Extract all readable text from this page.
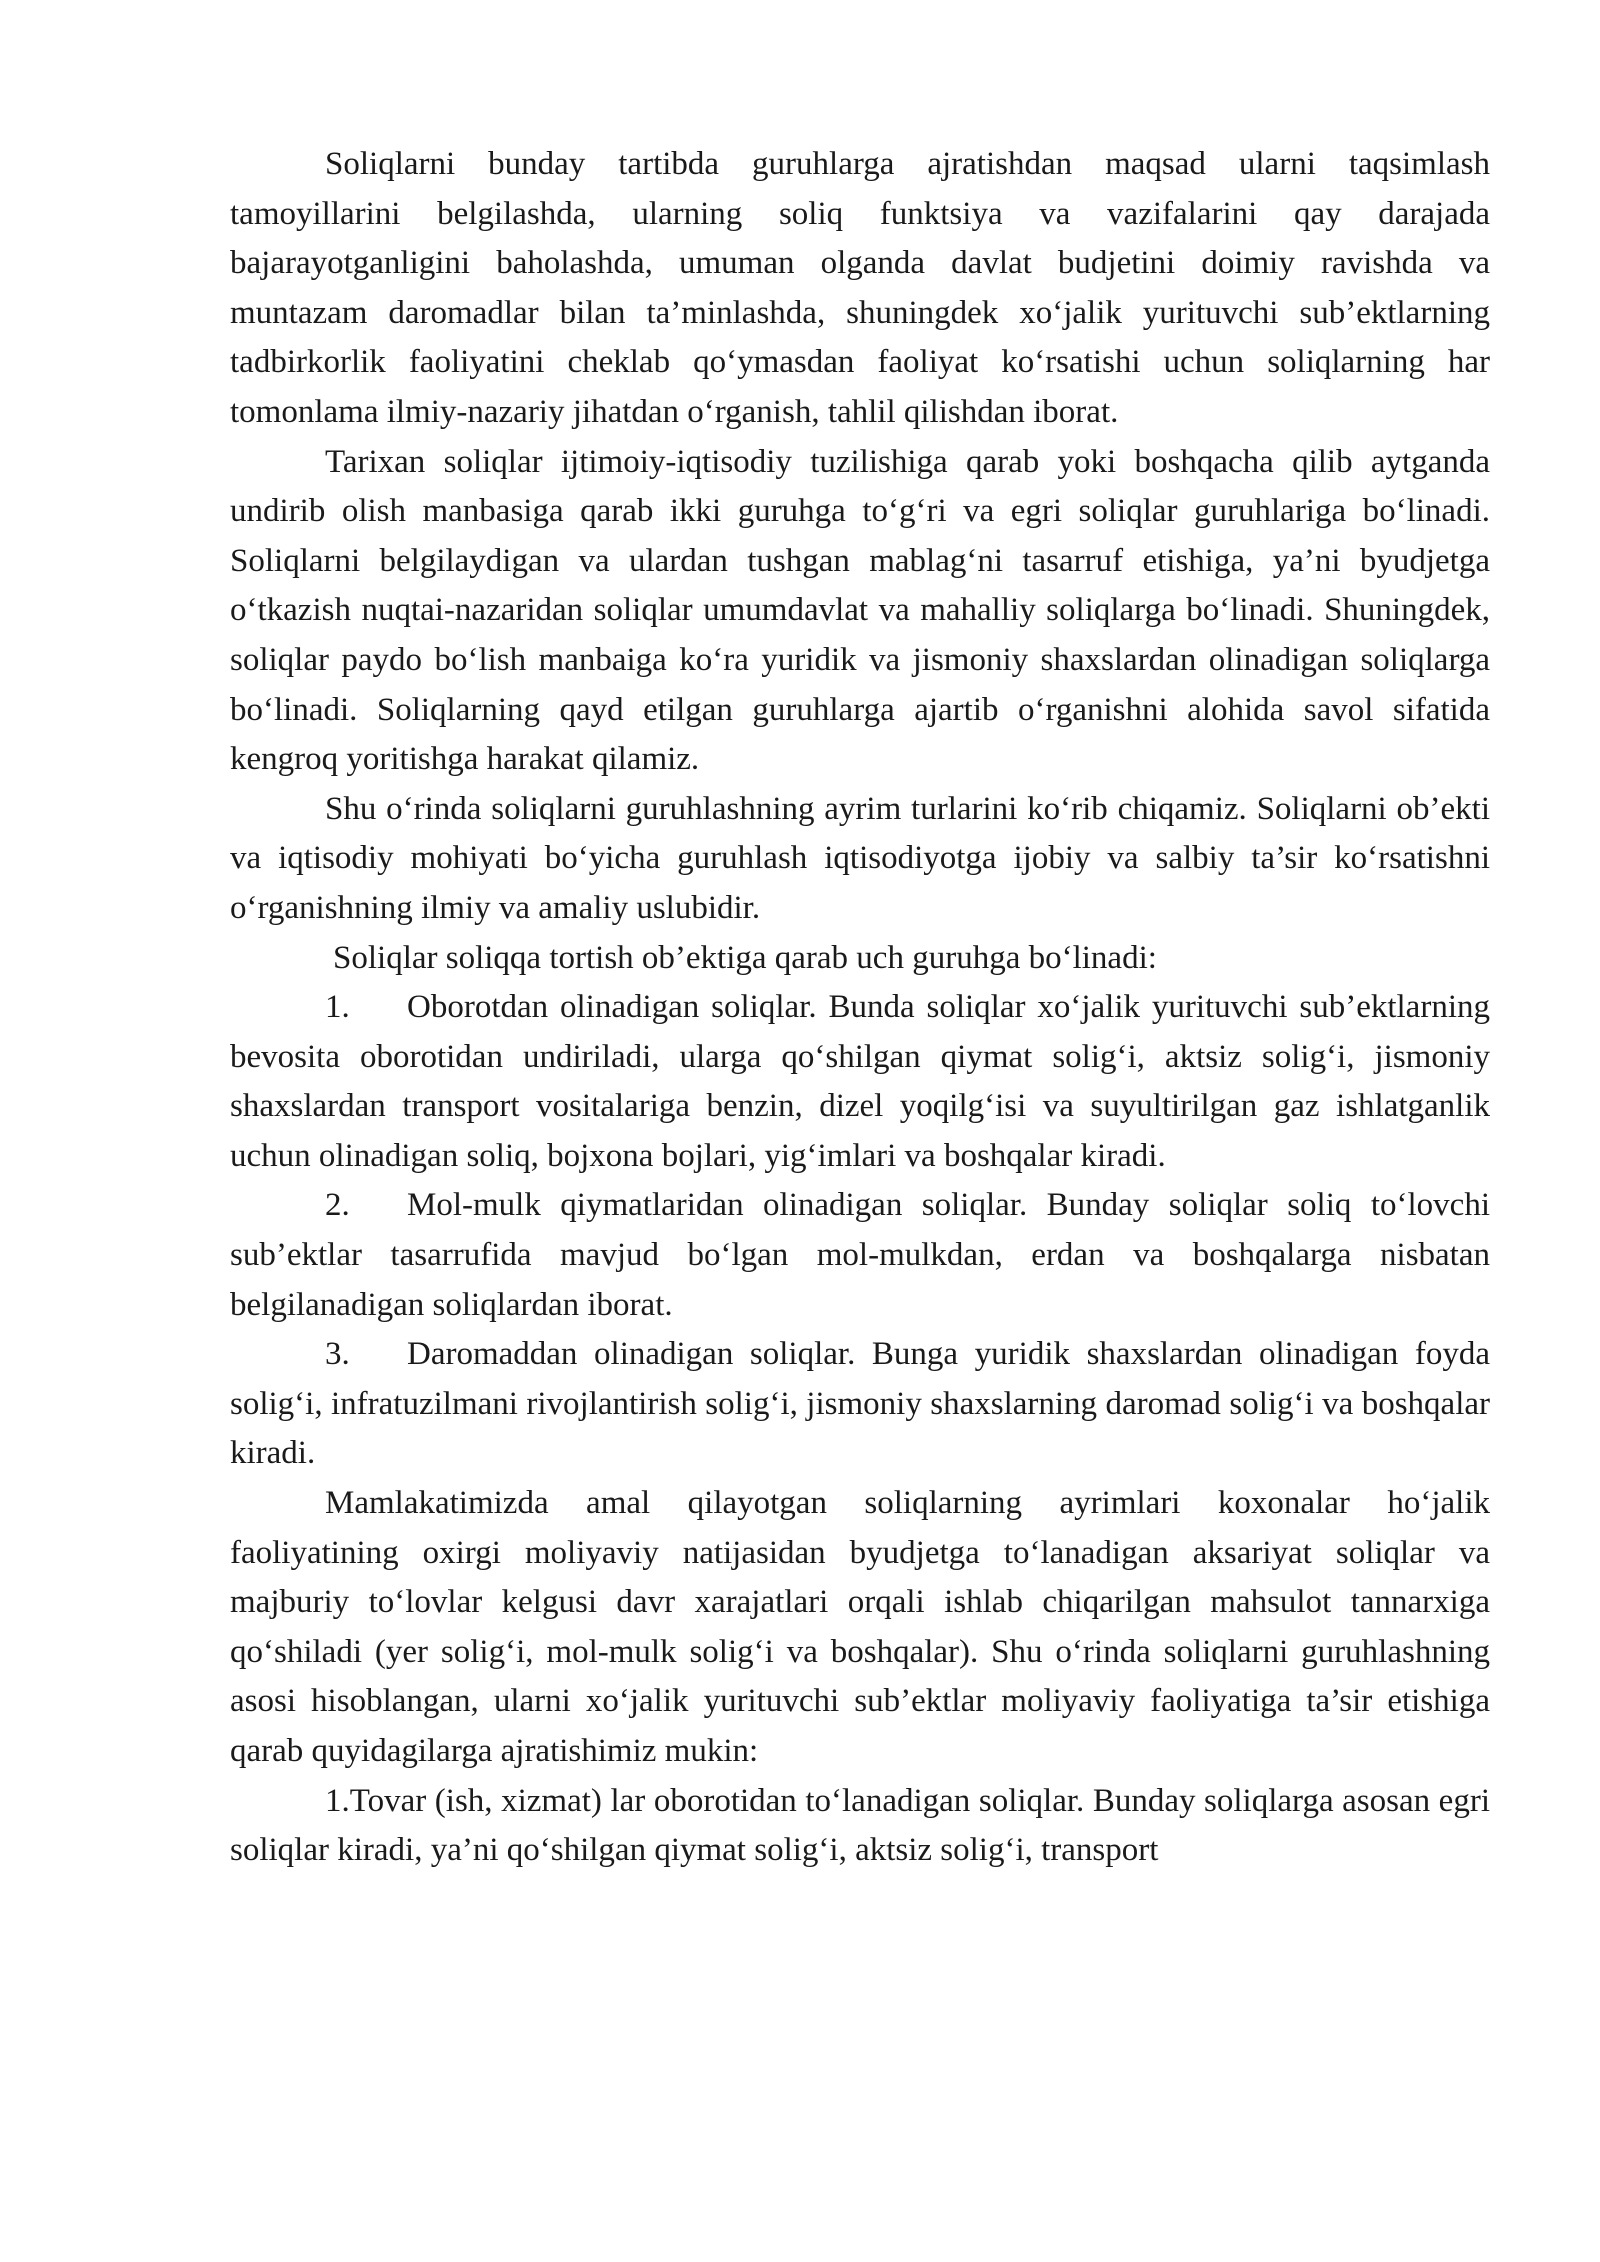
Soliqlarni bunday tartibda guruhlarga ajratishdan maqsad ularni taqsimlash tamoyillarini belgilashda, ularning soliq funktsiya va vazifalarini qay darajada bajarayotganligini baholashda, umuman olganda davlat budjetini doimiy ravishda va muntazam daromadlar bilan ta’minlashda, shuningdek xo‘jalik yurituvchi sub’ektlarning tadbirkorlik faoliyatini cheklab qo‘ymasdan faoliyat ko‘rsatishi uchun soliqlarning har tomonlama ilmiy-nazariy jihatdan o‘rganish, tahlil qilishdan iborat.

Tarixan soliqlar ijtimoiy-iqtisodiy tuzilishiga qarab yoki boshqacha qilib aytganda undirib olish manbasiga qarab ikki guruhga to‘g‘ri va egri soliqlar guruhlariga bo‘linadi. Soliqlarni belgilaydigan va ulardan tushgan mablag‘ni tasarruf etishiga, ya’ni byudjetga o‘tkazish nuqtai-nazaridan soliqlar umumdavlat va mahalliy soliqlarga bo‘linadi. Shuningdek, soliqlar paydo bo‘lish manbaiga ko‘ra yuridik va jismoniy shaxslardan olinadigan soliqlarga bo‘linadi. Soliqlarning qayd etilgan guruhlarga ajartib o‘rganishni alohida savol sifatida kengroq yoritishga harakat qilamiz.

Shu o‘rinda soliqlarni guruhlashning ayrim turlarini ko‘rib chiqamiz. Soliqlarni ob’ekti va iqtisodiy mohiyati bo‘yicha guruhlash iqtisodiyotga ijobiy va salbiy ta’sir ko‘rsatishni o‘rganishning ilmiy va amaliy uslubidir.

Soliqlar soliqqa tortish ob’ektiga qarab uch guruhga bo‘linadi:

1. Oborotdan olinadigan soliqlar. Bunda soliqlar xo‘jalik yurituvchi sub’ektlarning bevosita oborotidan undiriladi, ularga qo‘shilgan qiymat solig‘i, aktsiz solig‘i, jismoniy shaxslardan transport vositalariga benzin, dizel yoqilg‘isi va suyultirilgan gaz ishlatganlik uchun olinadigan soliq, bojxona bojlari, yig‘imlari va boshqalar kiradi.

2. Mol-mulk qiymatlaridan olinadigan soliqlar. Bunday soliqlar soliq to‘lovchi sub’ektlar tasarrufida mavjud bo‘lgan mol-mulkdan, erdan va boshqalarga nisbatan belgilanadigan soliqlardan iborat.

3. Daromaddan olinadigan soliqlar. Bunga yuridik shaxslardan olinadigan foyda solig‘i, infratuzilmani rivojlantirish solig‘i, jismoniy shaxslarning daromad solig‘i va boshqalar kiradi.

Mamlakatimizda amal qilayotgan soliqlarning ayrimlari koxonalar ho‘jalik faoliyatining oxirgi moliyaviy natijasidan byudjetga to‘lanadigan aksariyat soliqlar va majburiy to‘lovlar kelgusi davr xarajatlari orqali ishlab chiqarilgan mahsulot tannarxiga qo‘shiladi (yer solig‘i, mol-mulk solig‘i va boshqalar). Shu o‘rinda soliqlarni guruhlashning asosi hisoblangan, ularni xo‘jalik yurituvchi sub’ektlar moliyaviy faoliyatiga ta’sir etishiga qarab quyidagilarga ajratishimiz mukin:

1.Tovar (ish, xizmat) lar oborotidan to‘lanadigan soliqlar. Bunday soliqlarga asosan egri soliqlar kiradi, ya’ni qo‘shilgan qiymat solig‘i, aktsiz solig‘i, transport
